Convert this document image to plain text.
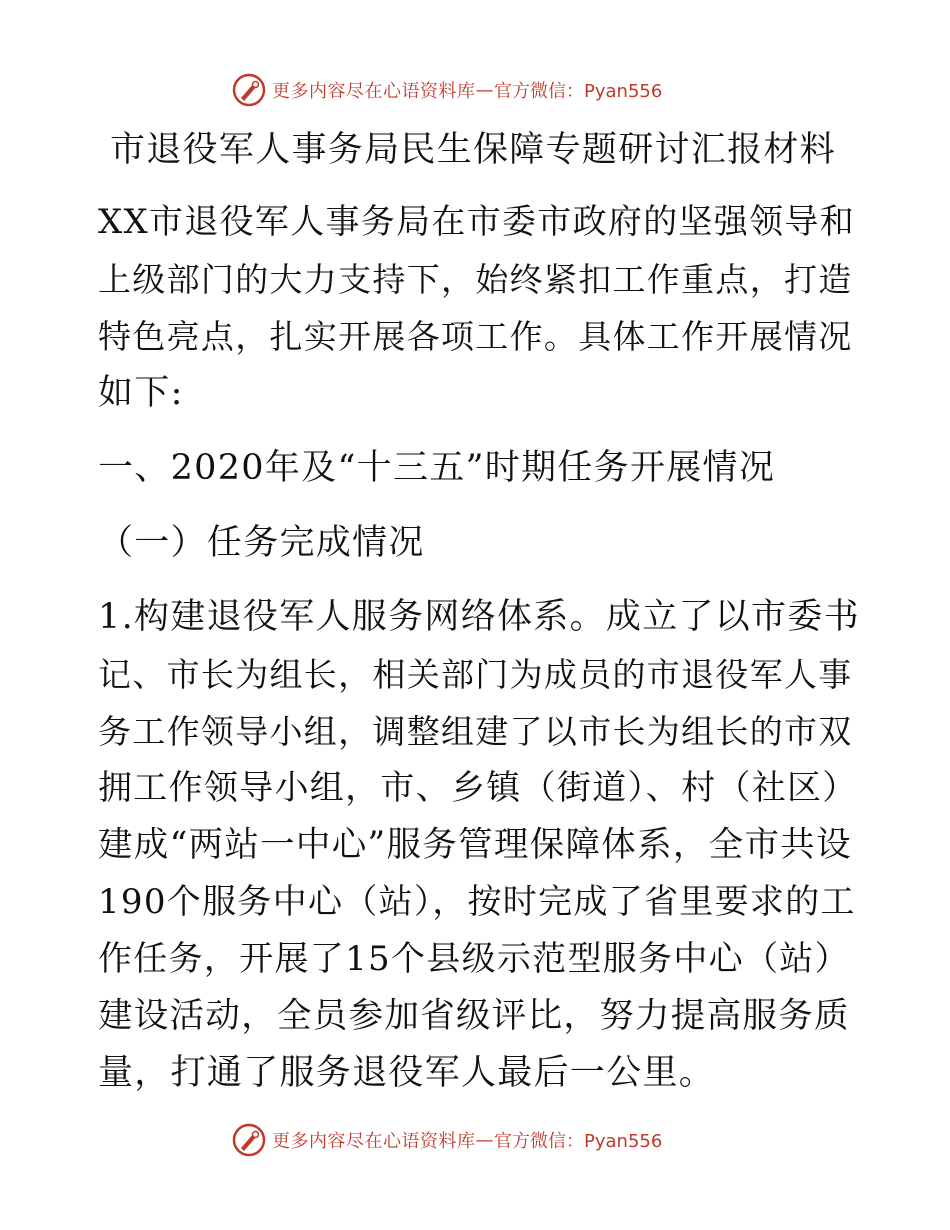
更多内容尽在心语资料库 — 官方微信：Pyan556
市退役军人事务局民生保障专题研讨汇报材料
XX市退役军人事务局在市委市政府的坚强领导和
上级部门的大力支持下，始终紧扣工作重点，打造
特色亮点，扎实开展各项工作。具体工作开展情况
如下:
一、2020年及“十三五”时期任务开展情况
（一）任务完成情况
1.构建退役军人服务网络体系。成立了以市委书
记、市长为组长，相关部门为成员的市退役军人事
务工作领导小组，调整组建了以市长为组长的市双
拥工作领导小组，市、乡镇（街道）、村（社区）
建成“两站一中心”服务管理保障体系，全市共设
190个服务中心（站），按时完成了省里要求的工
作任务，开展了15个县级示范型服务中心（站）
建设活动，全员参加省级评比，努力提高服务质
量，打通了服务退役军人最后一公里。
更多内容尽在心语资料库 — 官方微信：Pyan556
